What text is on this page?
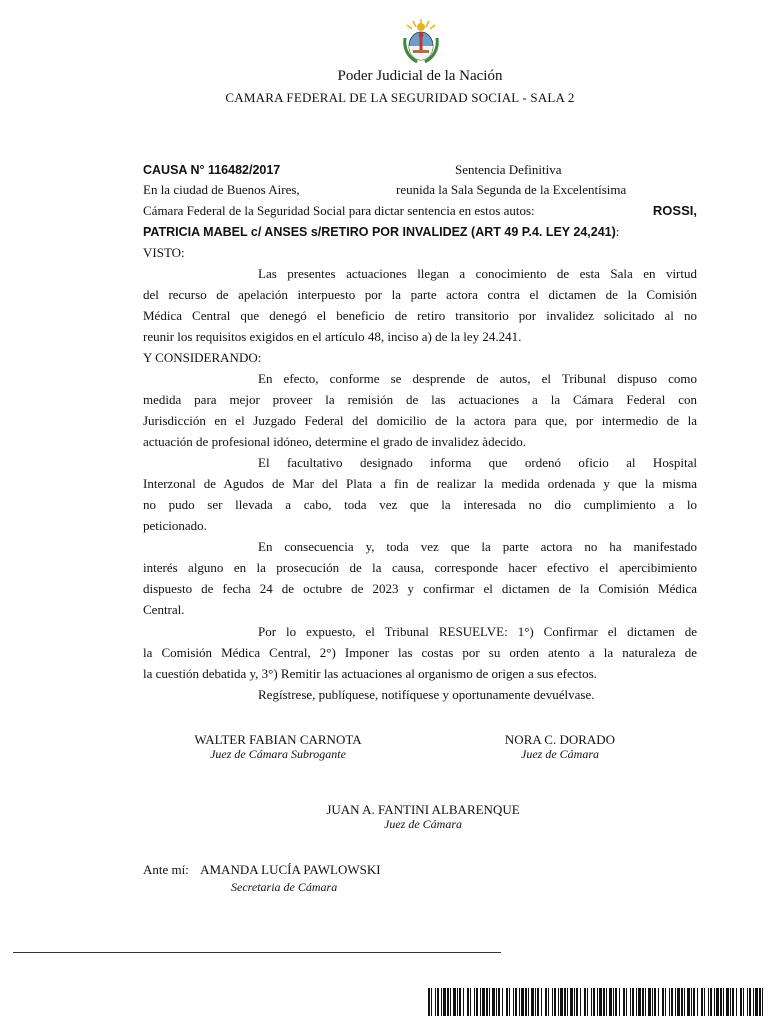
Poder Judicial de la Nación
CAMARA FEDERAL DE LA SEGURIDAD SOCIAL - SALA 2
CAUSA N° 116482/2017	Sentencia Definitiva
En la ciudad de Buenos Aires,	reunida la Sala Segunda de la Excelentísima
Cámara Federal de la Seguridad Social para dictar sentencia en estos autos:	ROSSI,
PATRICIA MABEL c/ ANSES s/RETIRO POR INVALIDEZ (ART 49 P.4. LEY 24,241):
VISTO:
Las presentes actuaciones llegan a conocimiento de esta Sala en virtud
del recurso de apelación interpuesto por la parte actora contra el dictamen de la Comisión
Médica Central que denegó el beneficio de retiro transitorio por invalidez solicitado al no
reunir los requisitos exigidos en el artículo 48, inciso a) de la ley 24.241.
Y CONSIDERANDO:
En efecto, conforme se desprende de autos, el Tribunal dispuso como
medida para mejor proveer la remisión de las actuaciones a la Cámara Federal con
Jurisdicción en el Juzgado Federal del domicilio de la actora para que, por intermedio de la
actuación de profesional idóneo, determine el grado de invalidez àdecido.
El facultativo designado informa que ordenó oficio al Hospital
Interzonal de Agudos de Mar del Plata a fin de realizar la medida ordenada y que la misma
no pudo ser llevada a cabo, toda vez que la interesada no dio cumplimiento a lo
peticionado.
En consecuencia y, toda vez que la parte actora no ha manifestado
interés alguno en la prosecución de la causa, corresponde hacer efectivo el apercibimiento
dispuesto de fecha 24 de octubre de 2023 y confirmar el dictamen de la Comisión Médica
Central.
Por lo expuesto, el Tribunal RESUELVE: 1°) Confirmar el dictamen de
la Comisión Médica Central, 2°) Imponer las costas por su orden atento a la naturaleza de
la cuestión debatida y, 3°) Remitir las actuaciones al organismo de origen a sus efectos.
Regístrese, publíquese, notifíquese y oportunamente devuélvase.
WALTER FABIAN CARNOTA
Juez de Cámara Subrogante
NORA C. DORADO
Juez de Cámara
JUAN A. FANTINI ALBARENQUE
Juez de Cámara
Ante mí: AMANDA LUCÍA PAWLOWSKI
Secretaria de Cámara
